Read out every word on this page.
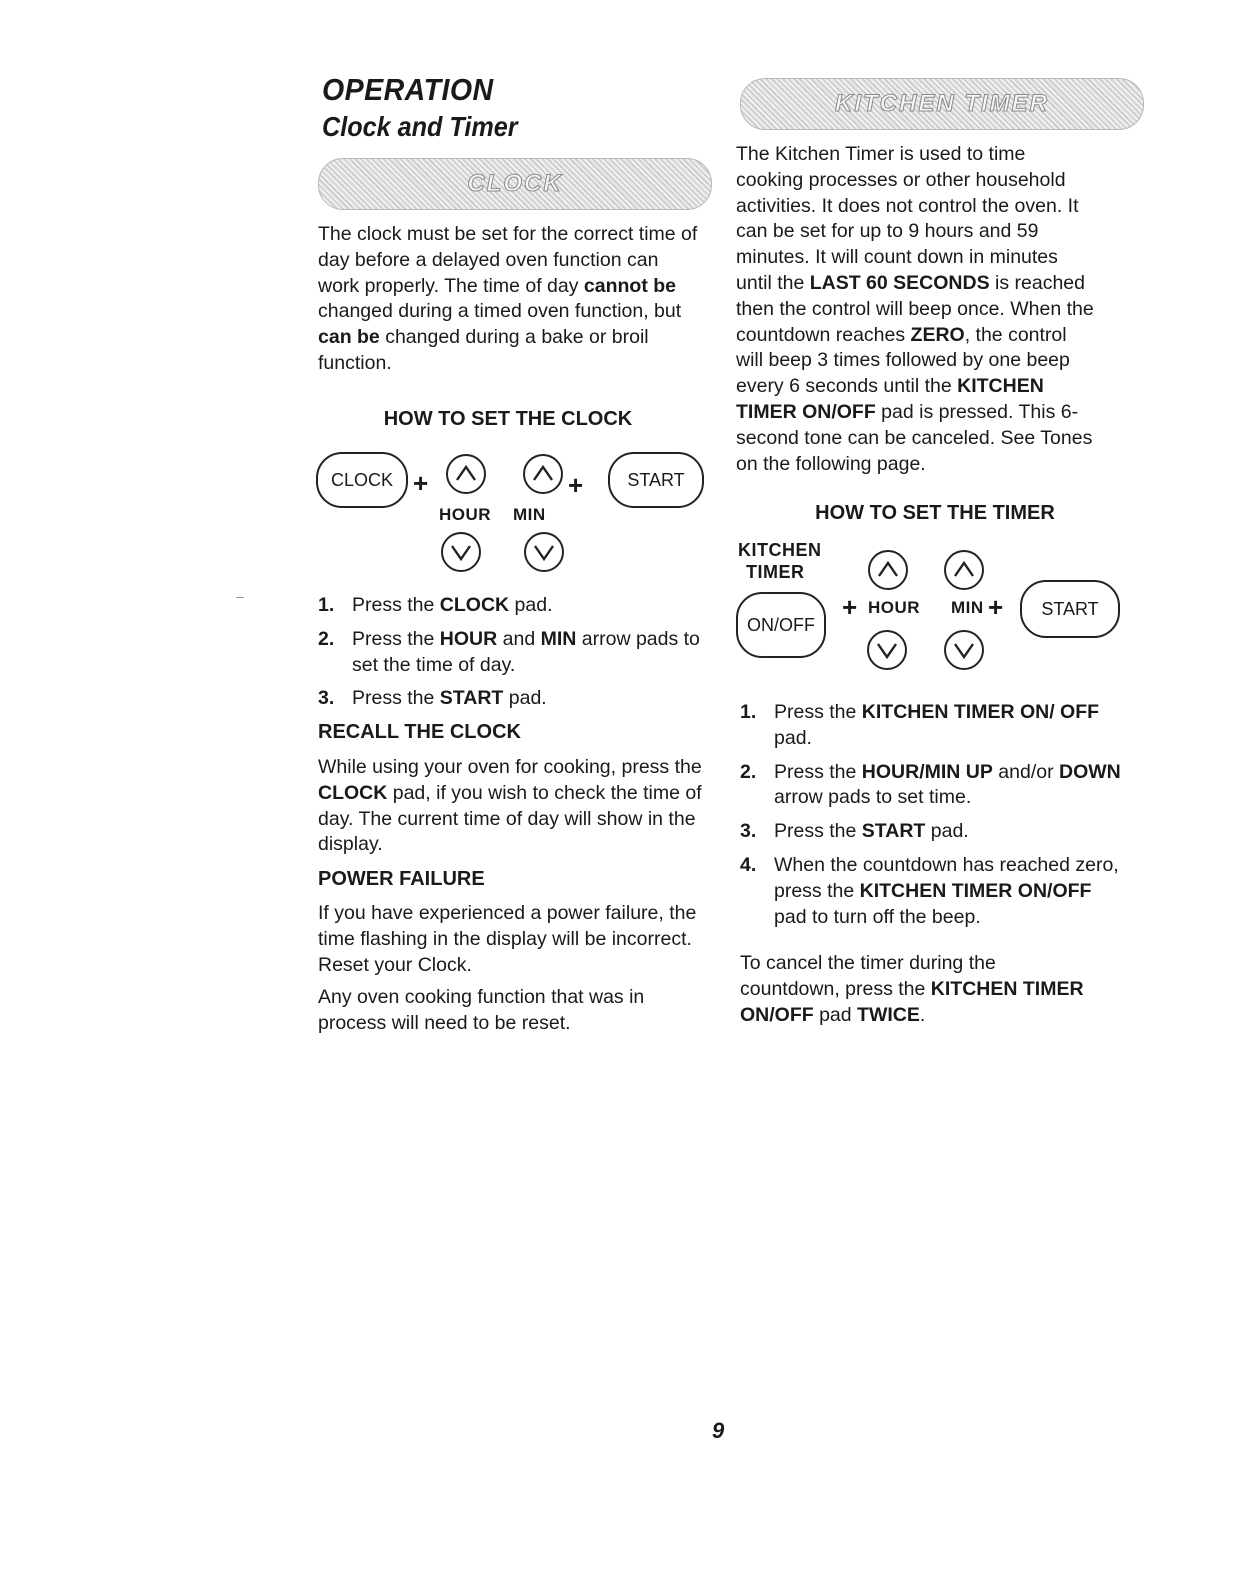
OPERATION
Clock and Timer
CLOCK

The clock must be set for the correct time of day before a delayed oven function can work properly. The time of day cannot be changed during a timed oven function, but can be changed during a bake or broil function.

HOW TO SET THE CLOCK
CLOCK +	+	START
HOUR MIN
1. Press the CLOCK pad.
2. Press the HOUR and MIN arrow pads to set the time of day.
3. Press the START pad.
RECALL THE CLOCK

While using your oven for cooking, press the CLOCK pad, if you wish to check the time of day. The current time of day will show in the display.

POWER FAILURE

If you have experienced a power failure, the time flashing in the display will be incorrect. Reset your Clock.

Any oven cooking function that was in process will need to be reset.

KITCHEN TIMER

The Kitchen Timer is used to time cooking processes or other household activities. It does not control the oven. It can be set for up to 9 hours and 59 minutes. It will count down in minutes until the LAST 60 SECONDS is reached then the control will beep once. When the countdown reaches ZERO, the control will beep 3 times followed by one beep every 6 seconds until the KITCHEN TIMER ON/OFF pad is pressed. This 6-second tone can be canceled. See Tones on the following page.

HOW TO SET THE TIMER
KITCHEN
TIMER
ON/OFF
+ HOUR MIN +	START
1. Press the KITCHEN TIMER ON/ OFF pad.
2. Press the HOUR/MIN UP and/or DOWN arrow pads to set time.
3. Press the START pad.
4. When the countdown has reached zero, press the KITCHEN TIMER ON/OFF pad to turn off the beep.

To cancel the timer during the countdown, press the KITCHEN TIMER ON/OFF pad TWICE.

9
